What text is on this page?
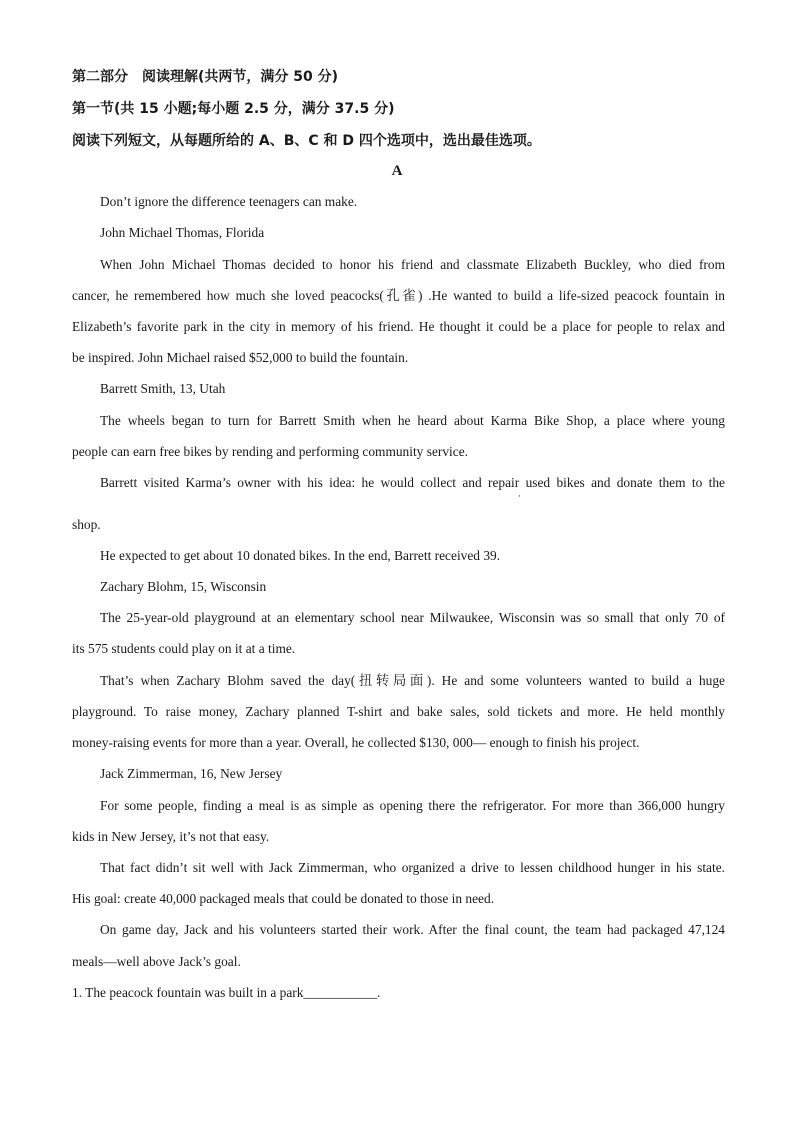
第二部分　阅读理解(共两节，满分 50 分)
第一节(共 15 小题;每小题 2.5 分，满分 37.5 分)
阅读下列短文，从每题所给的 A、B、C 和 D 四个选项中，选出最佳选项。
A
Don’t ignore the difference teenagers can make.
John Michael Thomas, Florida
When John Michael Thomas decided to honor his friend and classmate Elizabeth Buckley, who died from
cancer, he remembered how much she loved peacocks(孔雀) .He wanted to build a life-sized peacock fountain in
Elizabeth’s favorite park in the city in memory of his friend. He thought it could be a place for people to relax and
be inspired. John Michael raised $52,000 to build the fountain.
Barrett Smith, 13, Utah
The wheels began to turn for Barrett Smith when he heard about Karma Bike Shop, a place where young
people can earn free bikes by rending and performing community service.
Barrett visited Karma’s owner with his idea: he would collect and repair used bikes and donate them to the
·
shop.
He expected to get about 10 donated bikes. In the end, Barrett received 39.
Zachary Blohm, 15, Wisconsin
The 25-year-old playground at an elementary school near Milwaukee, Wisconsin was so small that only 70 of
its 575 students could play on it at a time.
That’s when Zachary Blohm saved the day(扭转局面). He and some volunteers wanted to build a huge
playground. To raise money, Zachary planned T-shirt and bake sales, sold tickets and more. He held monthly
money-raising events for more than a year. Overall, he collected $130, 000— enough to finish his project.
Jack Zimmerman, 16, New Jersey
For some people, finding a meal is as simple as opening there the refrigerator. For more than 366,000 hungry
kids in New Jersey, it’s not that easy.
That fact didn’t sit well with Jack Zimmerman, who organized a drive to lessen childhood hunger in his state.
His goal: create 40,000 packaged meals that could be donated to those in need.
On game day, Jack and his volunteers started their work. After the final count, the team had packaged 47,124
meals—well above Jack’s goal.
1. The peacock fountain was built in a park___________.
